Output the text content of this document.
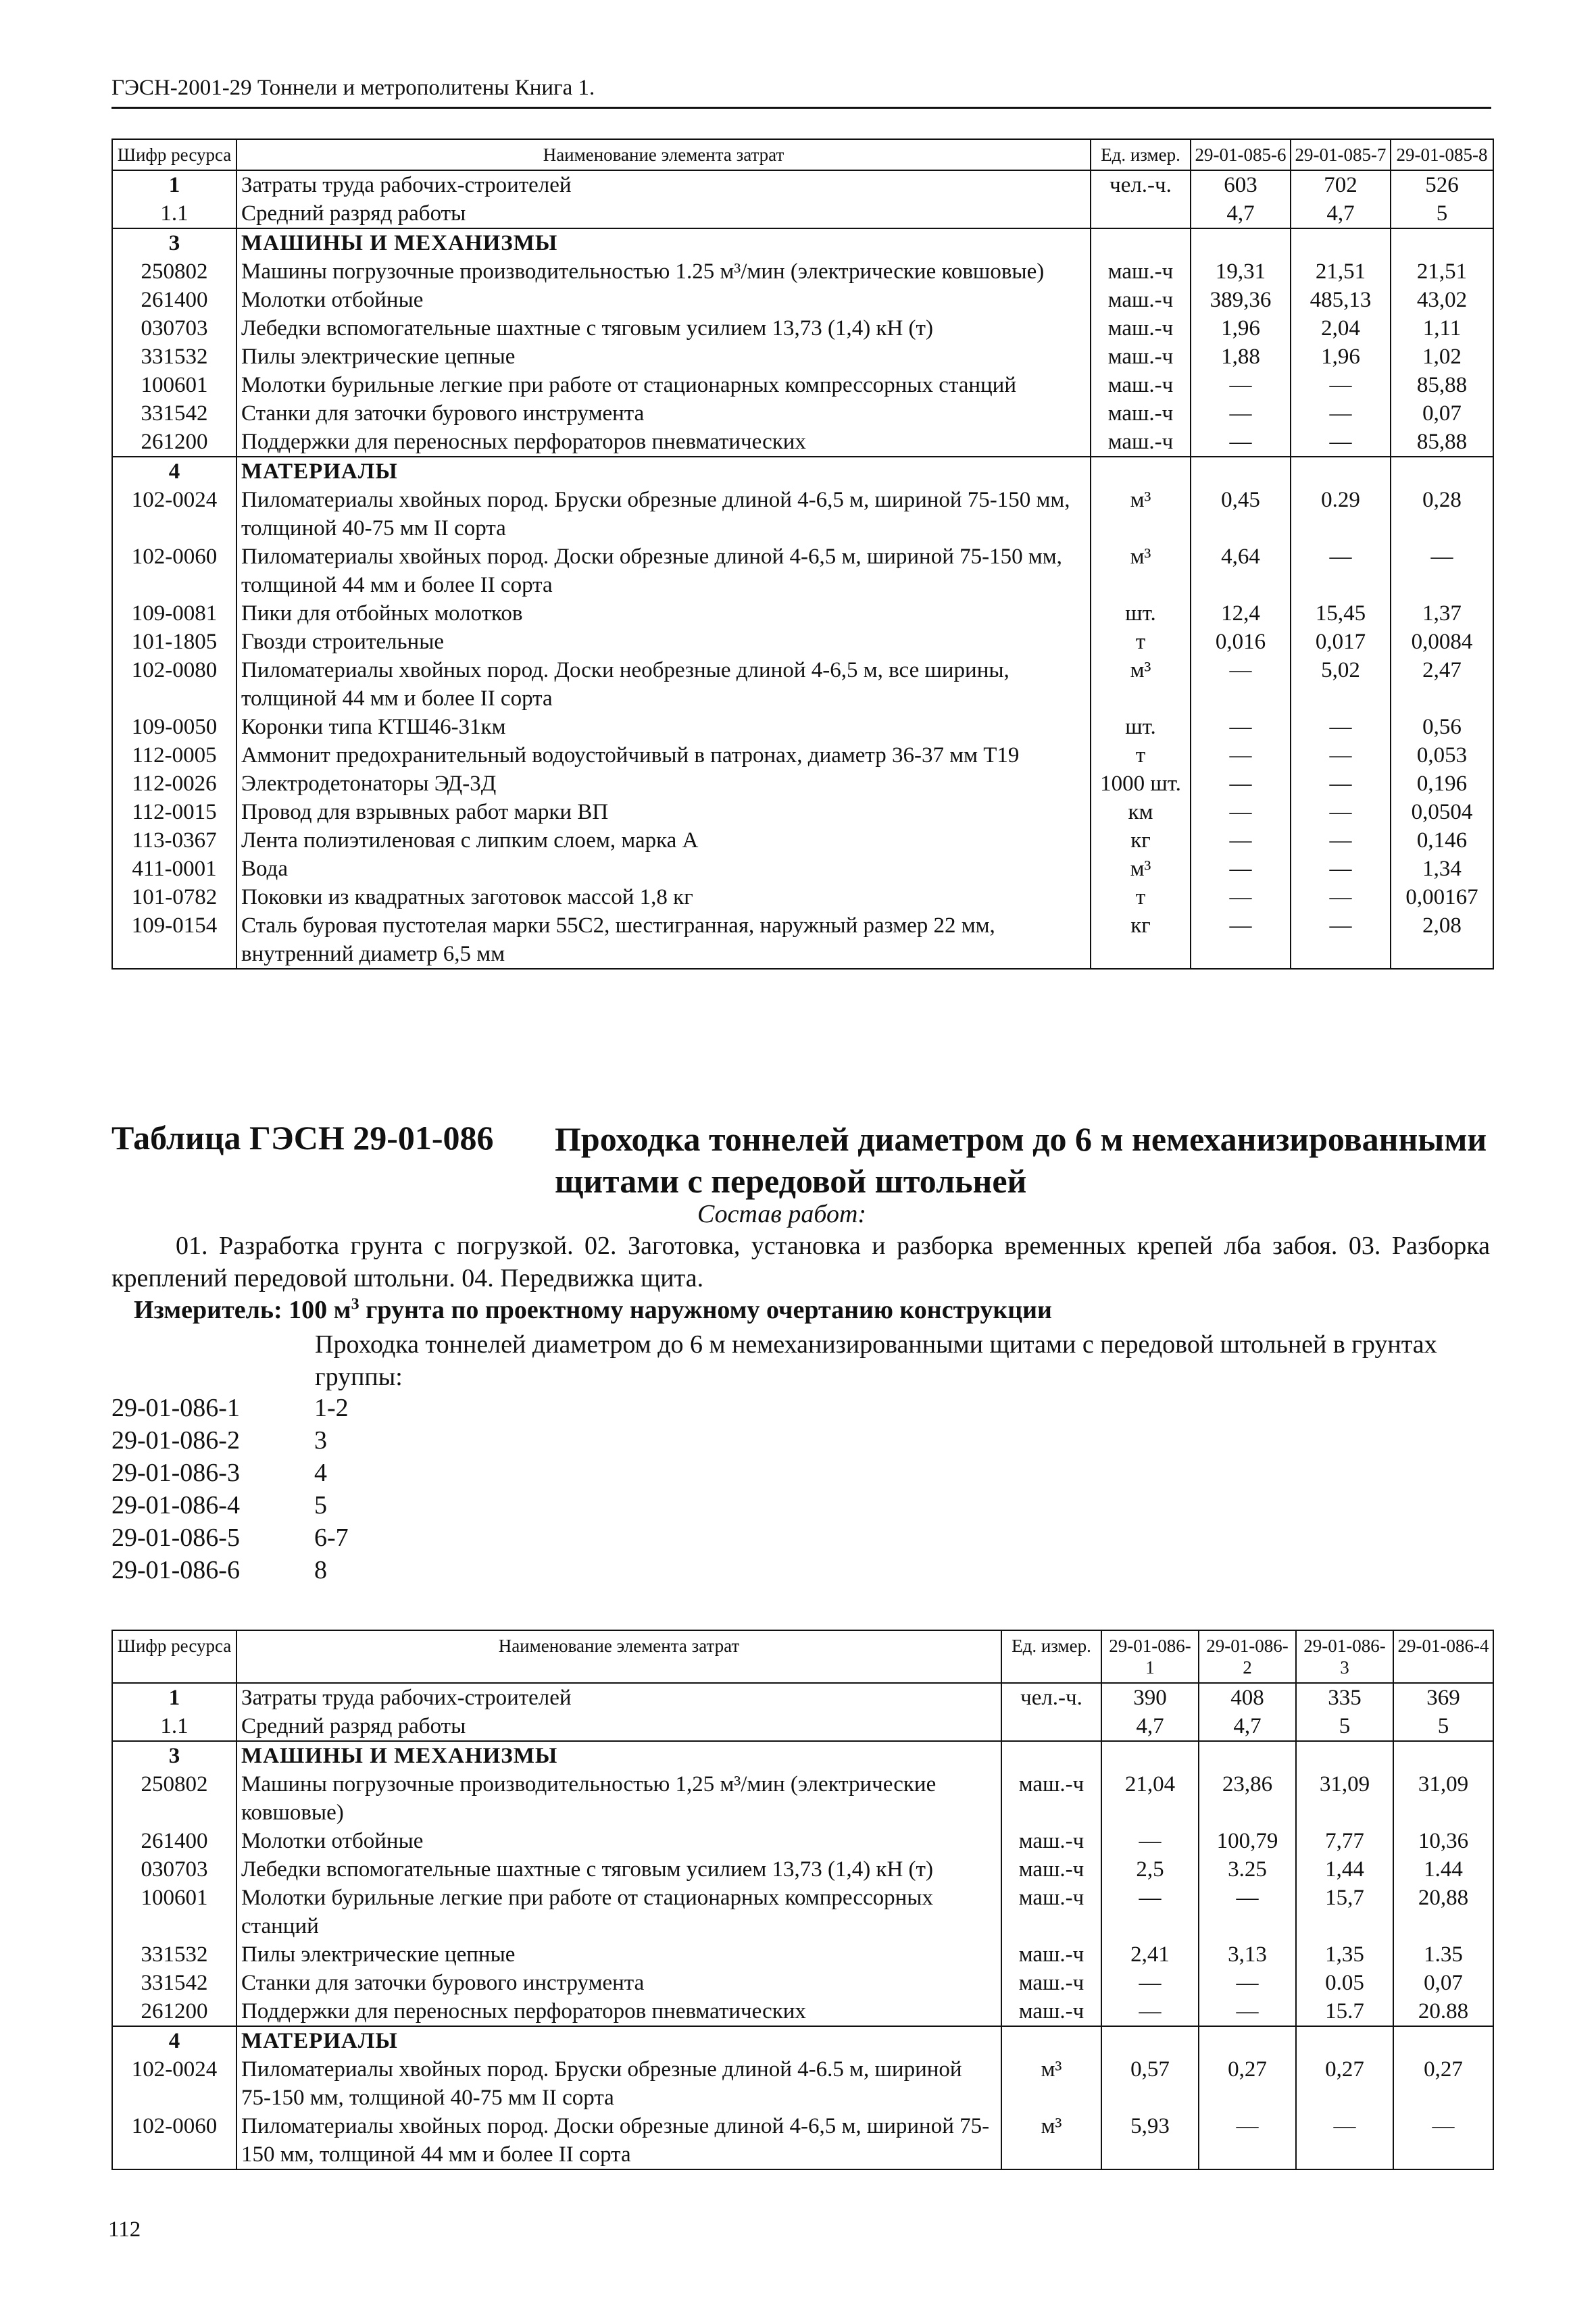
ГЭСН-2001-29 Тоннели и метрополитены Книга 1.
Шифр ресурса	Наименование элемента затрат	Ед. измер.	29-01-085-6	29-01-085-7	29-01-085-8
1	Затраты труда рабочих-строителей	чел.-ч.	603	702	526
1.1	Средний разряд работы		4,7	4,7	5
3	МАШИНЫ И МЕХАНИЗМЫ				
250802	Машины погрузочные производительностью 1.25 м³/мин (электрические ковшовые)	маш.-ч	19,31	21,51	21,51
261400	Молотки отбойные	маш.-ч	389,36	485,13	43,02
030703	Лебедки вспомогательные шахтные с тяговым усилием 13,73 (1,4) кН (т)	маш.-ч	1,96	2,04	1,11
331532	Пилы электрические цепные	маш.-ч	1,88	1,96	1,02
100601	Молотки бурильные легкие при работе от стационарных компрессорных станций	маш.-ч	—	—	85,88
331542	Станки для заточки бурового инструмента	маш.-ч	—	—	0,07
261200	Поддержки для переносных перфораторов пневматических	маш.-ч	—	—	85,88
4	МАТЕРИАЛЫ				
102-0024	Пиломатериалы хвойных пород. Бруски обрезные длиной 4-6,5 м, шириной 75-150 мм, толщиной 40-75 мм II сорта	м³	0,45	0.29	0,28
102-0060	Пиломатериалы хвойных пород. Доски обрезные длиной 4-6,5 м, шириной 75-150 мм, толщиной 44 мм и более II сорта	м³	4,64	—	—
109-0081	Пики для отбойных молотков	шт.	12,4	15,45	1,37
101-1805	Гвозди строительные	т	0,016	0,017	0,0084
102-0080	Пиломатериалы хвойных пород. Доски необрезные длиной 4-6,5 м, все ширины, толщиной 44 мм и более II сорта	м³	—	5,02	2,47
109-0050	Коронки типа КТШ46-31км	шт.	—	—	0,56
112-0005	Аммонит предохранительный водоустойчивый в патронах, диаметр 36-37 мм Т19	т	—	—	0,053
112-0026	Электродетонаторы ЭД-3Д	1000 шт.	—	—	0,196
112-0015	Провод для взрывных работ марки ВП	км	—	—	0,0504
113-0367	Лента полиэтиленовая с липким слоем, марка А	кг	—	—	0,146
411-0001	Вода	м³	—	—	1,34
101-0782	Поковки из квадратных заготовок массой 1,8 кг	т	—	—	0,00167
109-0154	Сталь буровая пустотелая марки 55С2, шестигранная, наружный размер 22 мм, внутренний диаметр 6,5 мм	кг	—	—	2,08
Таблица ГЭСН 29-01-086 Проходка тоннелей диаметром до 6 м немеханизированными щитами с передовой штольней
Состав работ:
01. Разработка грунта с погрузкой. 02. Заготовка, установка и разборка временных крепей лба забоя. 03. Разборка креплений передовой штольни. 04. Передвижка щита.
Измеритель: 100 $м^3$ грунта по проектному наружному очертанию конструкции
Проходка тоннелей диаметром до 6 м немеханизированными щитами с передовой штольней в грунтах группы:
29-01-086-1	1-2
29-01-086-2	3
29-01-086-3	4
29-01-086-4	5
29-01-086-5	6-7
29-01-086-6	8
Шифр ресурса	Наименование элемента затрат	Ед. измер.	29-01-086-1	29-01-086-2	29-01-086-3	29-01-086-4
1	Затраты труда рабочих-строителей	чел.-ч.	390	408	335	369
1.1	Средний разряд работы		4,7	4,7	5	5
3	МАШИНЫ И МЕХАНИЗМЫ					
250802	Машины погрузочные производительностью 1,25 м³/мин (электрические ковшовые)	маш.-ч	21,04	23,86	31,09	31,09
261400	Молотки отбойные	маш.-ч	—	100,79	7,77	10,36
030703	Лебедки вспомогательные шахтные с тяговым усилием 13,73 (1,4) кН (т)	маш.-ч	2,5	3.25	1,44	1.44
100601	Молотки бурильные легкие при работе от стационарных компрессорных станций	маш.-ч	—	—	15,7	20,88
331532	Пилы электрические цепные	маш.-ч	2,41	3,13	1,35	1.35
331542	Станки для заточки бурового инструмента	маш.-ч	—	—	0.05	0,07
261200	Поддержки для переносных перфораторов пневматических	маш.-ч	—	—	15.7	20.88
4	МАТЕРИАЛЫ					
102-0024	Пиломатериалы хвойных пород. Бруски обрезные длиной 4-6.5 м, шириной 75-150 мм, толщиной 40-75 мм II сорта	м³	0,57	0,27	0,27	0,27
102-0060	Пиломатериалы хвойных пород. Доски обрезные длиной 4-6,5 м, шириной 75-150 мм, толщиной 44 мм и более II сорта	м³	5,93	—	—	—
112
